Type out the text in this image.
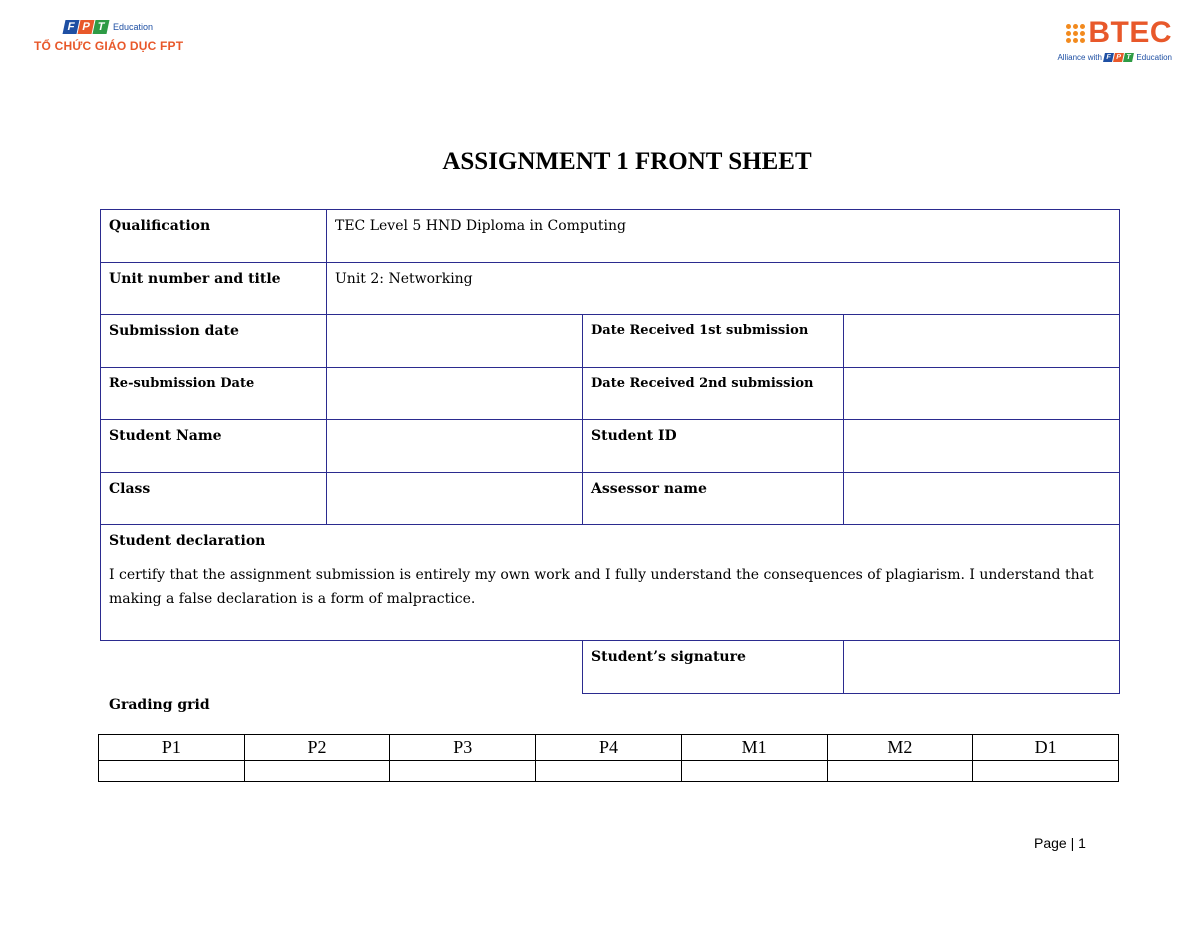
F P T Education
TỔ CHỨC GIÁO DỤC FPT	BTEC
Alliance with
F P T
Education
ASSIGNMENT 1 FRONT SHEET
Qualification	TEC Level 5 HND Diploma in Computing		
Unit number and title	Unit 2: Networking		
Submission date		Date Received 1st submission	
Re-submission Date		Date Received 2nd submission	
Student Name		Student ID	
Class		Assessor name	

Student declaration
I certify that the assignment submission is entirely my own work and I fully understand the consequences of plagiarism. I understand that making a false declaration is a form of malpractice.			

		Student’s signature	
Grading grid
P1	P2	P3	P4	M1	M2	D1

Page | 1
